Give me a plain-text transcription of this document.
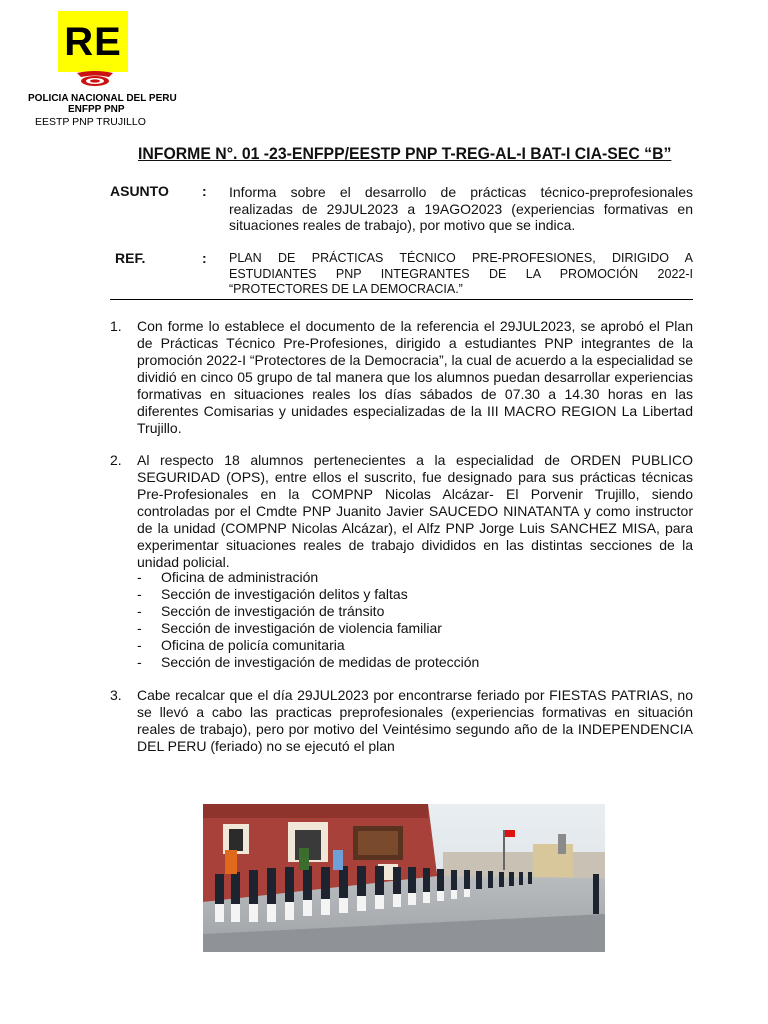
RE
POLICIA NACIONAL DEL PERU
ENFPP PNP
EESTP PNP TRUJILLO
INFORME N°. 01 -23-ENFPP/EESTP PNP T-REG-AL-I BAT-I CIA-SEC “B”
ASUNTO : Informa sobre el desarrollo de prácticas técnico-preprofesionales realizadas de 29JUL2023 a 19AGO2023 (experiencias formativas en situaciones reales de trabajo), por motivo que se indica.
REF.	: PLAN DE PRÁCTICAS TÉCNICO PRE-PROFESIONES, DIRIGIDO A ESTUDIANTES PNP INTEGRANTES DE LA PROMOCIÓN 2022-I “PROTECTORES DE LA DEMOCRACIA.”
1. Con forme lo establece el documento de la referencia el 29JUL2023, se aprobó el Plan de Prácticas Técnico Pre-Profesiones, dirigido a estudiantes PNP integrantes de la promoción 2022-I “Protectores de la Democracia”, la cual de acuerdo a la especialidad se dividió en cinco 05 grupo de tal manera que los alumnos puedan desarrollar experiencias formativas en situaciones reales los días sábados de 07.30 a 14.30 horas en las diferentes Comisarias y unidades especializadas de la III MACRO REGION La Libertad Trujillo.
2. Al respecto 18 alumnos pertenecientes a la especialidad de ORDEN PUBLICO SEGURIDAD (OPS), entre ellos el suscrito, fue designado para sus prácticas técnicas Pre-Profesionales en la COMPNP Nicolas Alcázar- El Porvenir Trujillo, siendo controladas por el Cmdte PNP Juanito Javier SAUCEDO NINATANTA y como instructor de la unidad (COMPNP Nicolas Alcázar), el Alfz PNP Jorge Luis SANCHEZ MISA, para experimentar situaciones reales de trabajo divididos en las distintas secciones de la unidad policial.
-	Oficina de administración
-	Sección de investigación delitos y faltas
-	Sección de investigación de tránsito
-	Sección de investigación de violencia familiar
-	Oficina de policía comunitaria
-	Sección de investigación de medidas de protección
3. Cabe recalcar que el día 29JUL2023 por encontrarse feriado por FIESTAS PATRIAS, no se llevó a cabo las practicas preprofesionales (experiencias formativas en situación reales de trabajo), pero por motivo del Veintésimo segundo año de la INDEPENDENCIA DEL PERU (feriado) no se ejecutó el plan
